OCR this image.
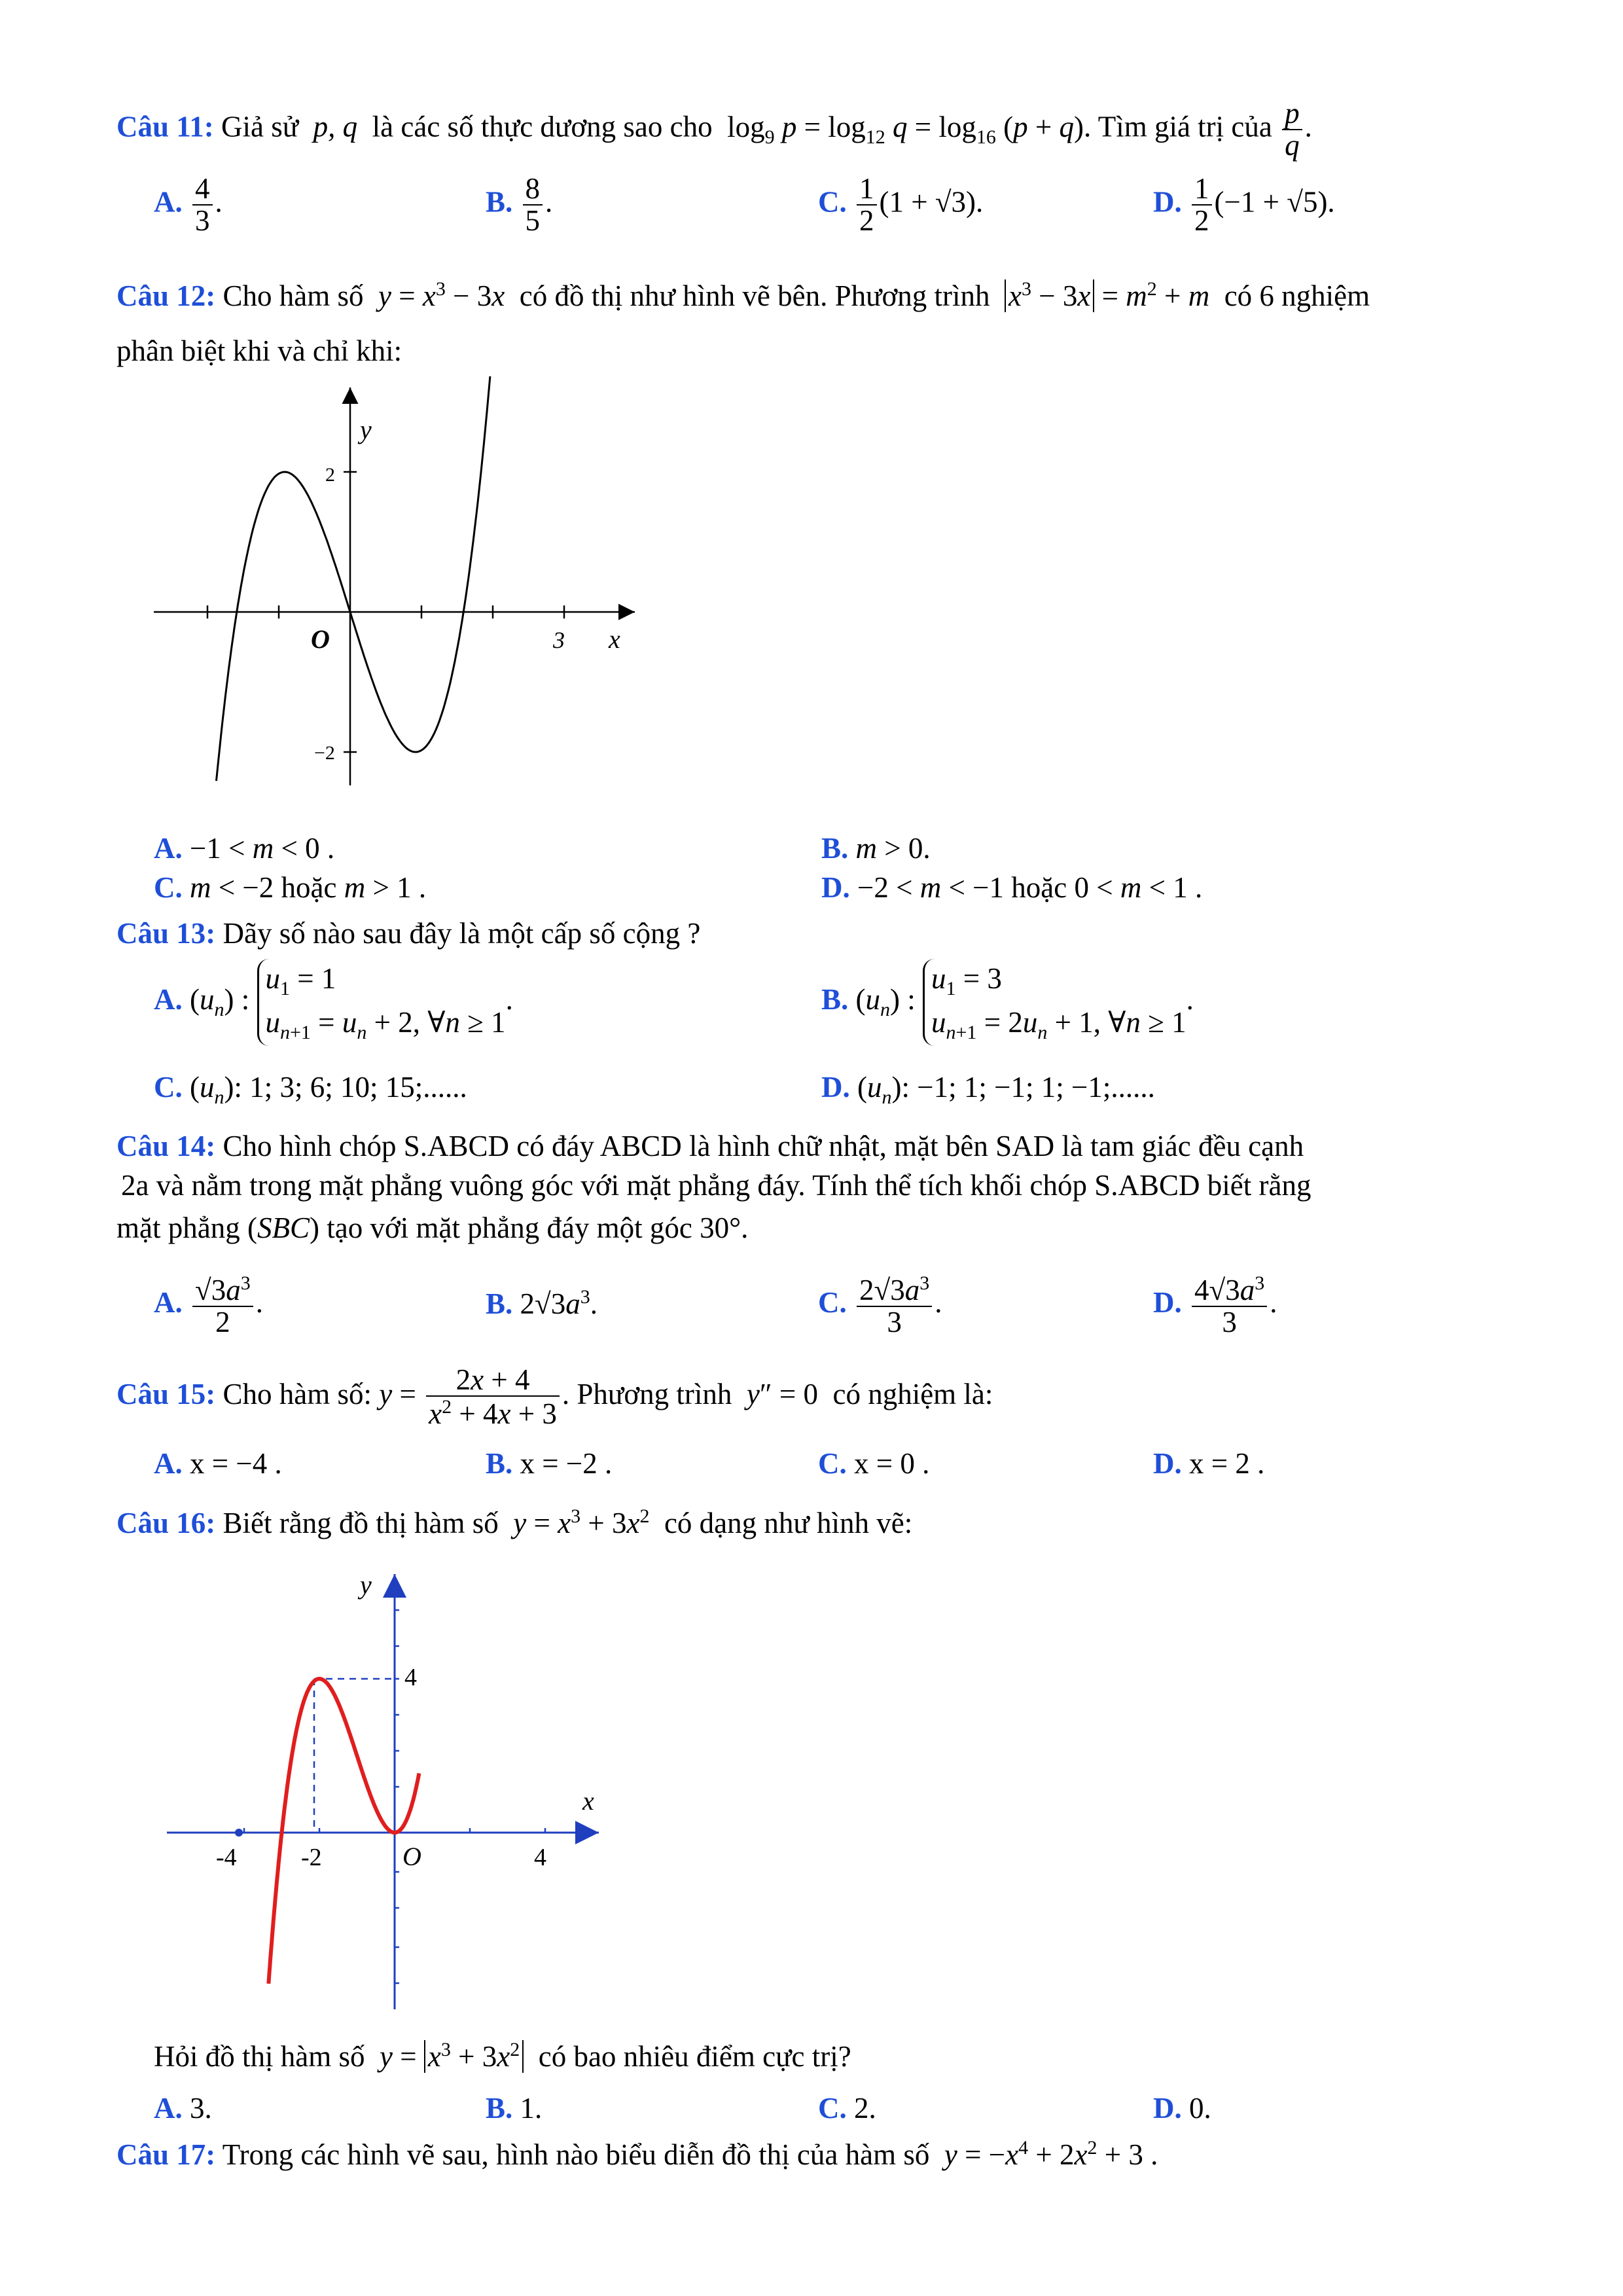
Câu 11: Giả sử  p, q  là các số thực dương sao cho  $\log_9 p = \log_{12} q = \log_{16} (p + q)$. Tìm giá trị của $\frac{p}{q}$ .
A. $\frac{4}{3}$ .	B. $\frac{8}{5}$ .	C. $\frac{1}{2} (1 + √3)$.	D. $\frac{1}{2} (-1 + √5)$.
Câu 12: Cho hàm số $y = x^3 - 3x$ có đồ thị như hình vẽ bên. Phương trình $x^3 - 3x = m^2 + m$ có 6 nghiệm
phân biệt khi và chỉ khi:
y
x
O	3
2
−2
A. −1 < m < 0 .	B. m > 0.
C. m < −2 hoặc m > 1 .	D. −2 < m < −1 hoặc 0 < m < 1 .
Câu 13: Dãy số nào sau đây là một cấp số cộng ?
A. $(u_n)$ : $u_1 = 1$
$u_{n+1} = u_n + 2$, ∀n ≥ 1.	B. $(u_n)$ : $u_1 = 3$
$u_{n+1} = 2u_n + 1$, ∀n ≥ 1.
C. $(u_n)$: 1; 3; 6; 10; 15;......	D. $(u_n)$: −1; 1; −1; 1; −1;......
Câu 14: Cho hình chóp S.ABCD có đáy ABCD là hình chữ nhật, mặt bên SAD là tam giác đều cạnh
2a và nằm trong mặt phẳng vuông góc với mặt phẳng đáy. Tính thể tích khối chóp S.ABCD biết rằng
mặt phẳng (SBC) tạo với mặt phẳng đáy một góc 30°.
A. $\frac{√3a^3}{2}$ .	B. $2√3a^3$.	C. $\frac{2√3a^3}{3}$ .	D. $\frac{4√3a^3}{3}$ .
Câu 15: Cho hàm số: $y = \frac{2x + 4}{x^2 + 4x + 3}$ . Phương trình y″ = 0  có nghiệm là:
A. x = −4 .	B. x = −2 .	C. x = 0 .	D. x = 2 .
Câu 16: Biết rằng đồ thị hàm số $y = x^3 + 3x^2$ có dạng như hình vẽ:
y
x
O
-4	-2	4
4
Hỏi đồ thị hàm số $y = x^3 + 3x^2$ có bao nhiêu điểm cực trị?
A. 3.	B. 1.	C. 2.	D. 0.
Câu 17: Trong các hình vẽ sau, hình nào biểu diễn đồ thị của hàm số $y = -x^4 + 2x^2 + 3$ .
